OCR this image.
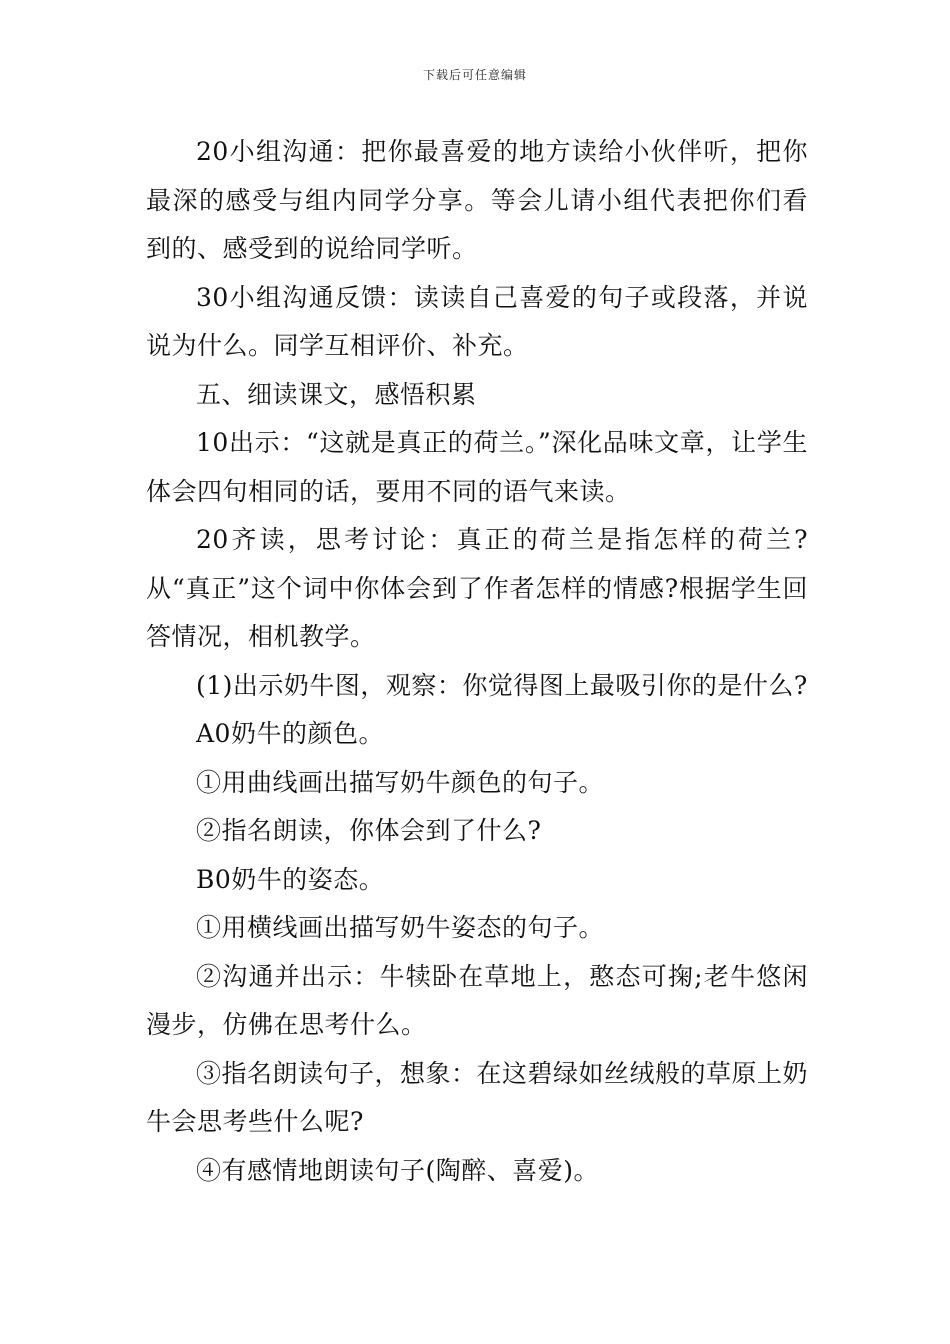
下载后可任意编辑

20小组沟通：把你最喜爱的地方读给小伙伴听，把你最深的感受与组内同学分享。等会儿请小组代表把你们看到的、感受到的说给同学听。

30小组沟通反馈：读读自己喜爱的句子或段落，并说说为什么。同学互相评价、补充。

五、细读课文，感悟积累

10出示：“这就是真正的荷兰。”深化品味文章，让学生体会四句相同的话，要用不同的语气来读。

20齐读，思考讨论：真正的荷兰是指怎样的荷兰?从“真正”这个词中你体会到了作者怎样的情感?根据学生回答情况，相机教学。

(1)出示奶牛图，观察：你觉得图上最吸引你的是什么?

A0奶牛的颜色。

①用曲线画出描写奶牛颜色的句子。

②指名朗读，你体会到了什么?

B0奶牛的姿态。

①用横线画出描写奶牛姿态的句子。

②沟通并出示：牛犊卧在草地上，憨态可掬;老牛悠闲漫步，仿佛在思考什么。

③指名朗读句子，想象：在这碧绿如丝绒般的草原上奶牛会思考些什么呢?

④有感情地朗读句子(陶醉、喜爱)。
